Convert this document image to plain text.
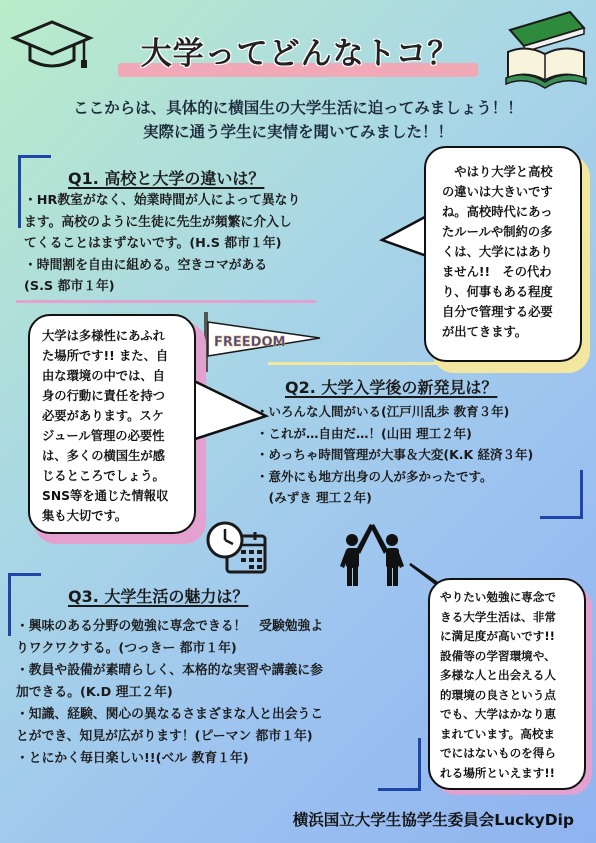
大学ってどんなトコ？
ここからは、具体的に横国生の大学生活に迫ってみましょう！！
実際に通う学生に実情を聞いてみました！！
Q1. 高校と大学の違いは？
・HR教室がなく、始業時間が人によって異なり
ます。高校のように生徒に先生が頻繁に介入し
てくることはまずないです。(H.S 都市１年)
・時間割を自由に組める。空きコマがある
(S.S 都市１年)
　やはり大学と高校
の違いは大きいです
ね。高校時代にあっ
たルールや制約の多
くは、大学にはあり
ません!!　その代わ
り、何事もある程度
自分で管理する必要
が出てきます。
FREEDOM
大学は多様性にあふれ
た場所です!! また、自
由な環境の中では、自
身の行動に責任を持つ
必要があります。スケ
ジュール管理の必要性
は、多くの横国生が感
じるところでしょう。
SNS等を通じた情報収
集も大切です。
Q2. 大学入学後の新発見は？
・いろんな人間がいる(江戸川乱歩 教育３年)
・これが…自由だ…！(山田 理工２年)
・めっちゃ時間管理が大事＆大変(K.K 経済３年)
・意外にも地方出身の人が多かったです。
　(みずき 理工２年)
Q3. 大学生活の魅力は？
・興味のある分野の勉強に専念できる！　受験勉強よ
りワクワクする。(つっきー 都市１年)
・教員や設備が素晴らしく、本格的な実習や講義に参
加できる。(K.D 理工２年)
・知識、経験、関心の異なるさまざまな人と出会うこ
とができ、知見が広がります！(ピーマン 都市１年)
・とにかく毎日楽しい!!(ベル 教育１年)
やりたい勉強に専念で
きる大学生活は、非常
に満足度が高いです!!
設備等の学習環境や、
多様な人と出会える人
的環境の良さという点
でも、大学はかなり恵
まれています。高校ま
でにはないものを得ら
れる場所といえます!!
横浜国立大学生協学生委員会LuckyDip
